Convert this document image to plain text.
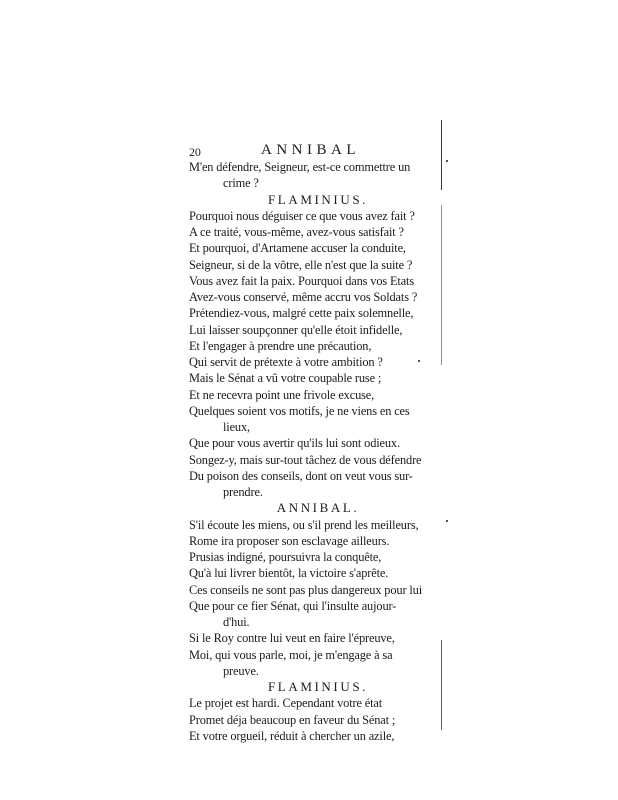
20	ANNIBAL
M'en défendre, Seigneur, est-ce commettre un
crime ?
FLAMINIUS.
Pourquoi nous déguiser ce que vous avez fait ?
A ce traité, vous-même, avez-vous satisfait ?
Et pourquoi, d'Artamene accuser la conduite,
Seigneur, si de la vôtre, elle n'est que la suite ?
Vous avez fait la paix. Pourquoi dans vos Etats
Avez-vous conservé, même accru vos Soldats ?
Prétendiez-vous, malgré cette paix solemnelle,
Lui laisser soupçonner qu'elle étoit infidelle,
Et l'engager à prendre une précaution,
Qui servit de prétexte à votre ambition ?
Mais le Sénat a vû votre coupable ruse ;
Et ne recevra point une frivole excuse,
Quelques soient vos motifs, je ne viens en ces
lieux,
Que pour vous avertir qu'ils lui sont odieux.
Songez-y, mais sur-tout tâchez de vous défendre
Du poison des conseils, dont on veut vous sur-
prendre.
ANNIBAL.
S'il écoute les miens, ou s'il prend les meilleurs,
Rome ira proposer son esclavage ailleurs.
Prusias indigné, poursuivra la conquête,
Qu'à lui livrer bientôt, la victoire s'aprête.
Ces conseils ne sont pas plus dangereux pour lui
Que pour ce fier Sénat, qui l'insulte aujour-
d'hui.
Si le Roy contre lui veut en faire l'épreuve,
Moi, qui vous parle, moi, je m'engage à sa
preuve.
FLAMINIUS.
Le projet est hardi. Cependant votre état
Promet déja beaucoup en faveur du Sénat ;
Et votre orgueil, réduit à chercher un azile,
